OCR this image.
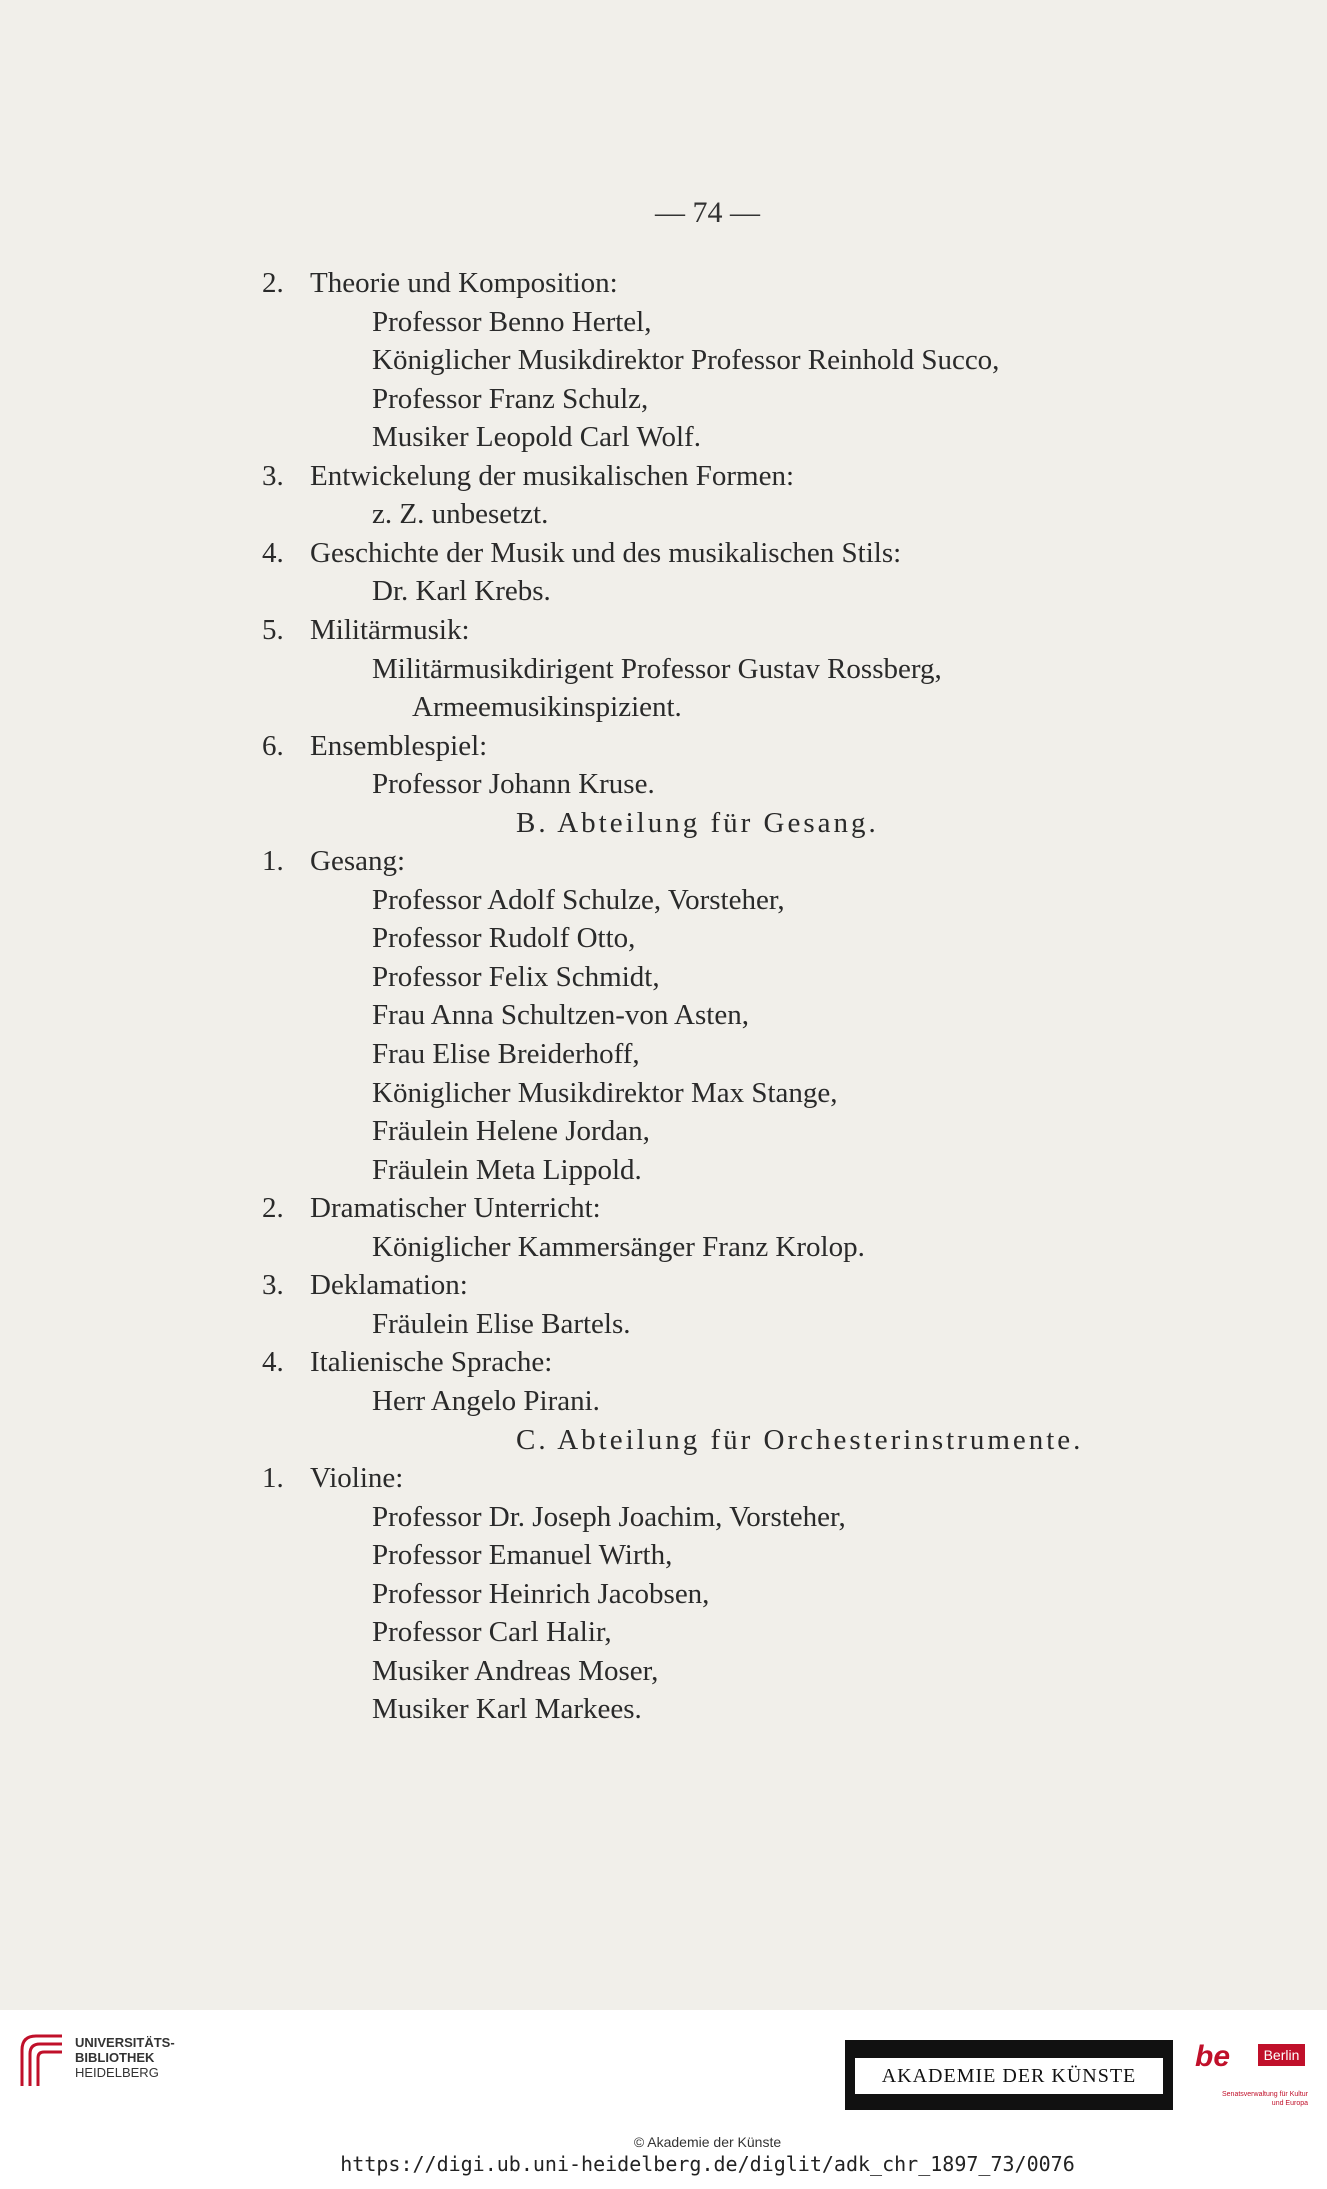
— 74 —
2. Theorie und Komposition:
Professor Benno Hertel,
Königlicher Musikdirektor Professor Reinhold Succo,
Professor Franz Schulz,
Musiker Leopold Carl Wolf.
3. Entwickelung der musikalischen Formen:
z. Z. unbesetzt.
4. Geschichte der Musik und des musikalischen Stils:
Dr. Karl Krebs.
5. Militärmusik:
Militärmusikdirigent Professor Gustav Rossberg,
Armeemusikinspizient.
6. Ensemblespiel:
Professor Johann Kruse.
B. Abteilung für Gesang.
1. Gesang:
Professor Adolf Schulze, Vorsteher,
Professor Rudolf Otto,
Professor Felix Schmidt,
Frau Anna Schultzen-von Asten,
Frau Elise Breiderhoff,
Königlicher Musikdirektor Max Stange,
Fräulein Helene Jordan,
Fräulein Meta Lippold.
2. Dramatischer Unterricht:
Königlicher Kammersänger Franz Krolop.
3. Deklamation:
Fräulein Elise Bartels.
4. Italienische Sprache:
Herr Angelo Pirani.
C. Abteilung für Orchesterinstrumente.
1. Violine:
Professor Dr. Joseph Joachim, Vorsteher,
Professor Emanuel Wirth,
Professor Heinrich Jacobsen,
Professor Carl Halir,
Musiker Andreas Moser,
Musiker Karl Markees.
UNIVERSITÄTS-
BIBLIOTHEK
HEIDELBERG	AKADEMIE DER KÜNSTE
be	Berlin
Senatsverwaltung für Kultur und Europa
© Akademie der Künste
https://digi.ub.uni-heidelberg.de/diglit/adk_chr_1897_73/0076
